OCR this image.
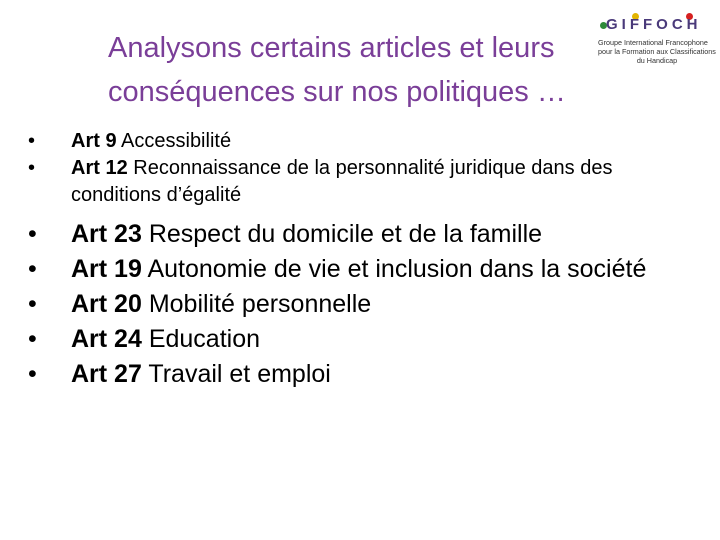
Analysons certains articles et leurs
conséquences sur nos politiques …
GIFFOCH
Groupe International Francophone
pour la Formation aux Classifications
du Handicap
• Art 9 Accessibilité
• Art 12 Reconnaissance de la personnalité juridique dans des conditions d’égalité
• Art 23 Respect du domicile et de la famille
• Art 19 Autonomie de vie et inclusion dans la société
• Art 20 Mobilité personnelle
• Art 24 Education
• Art 27 Travail et emploi
